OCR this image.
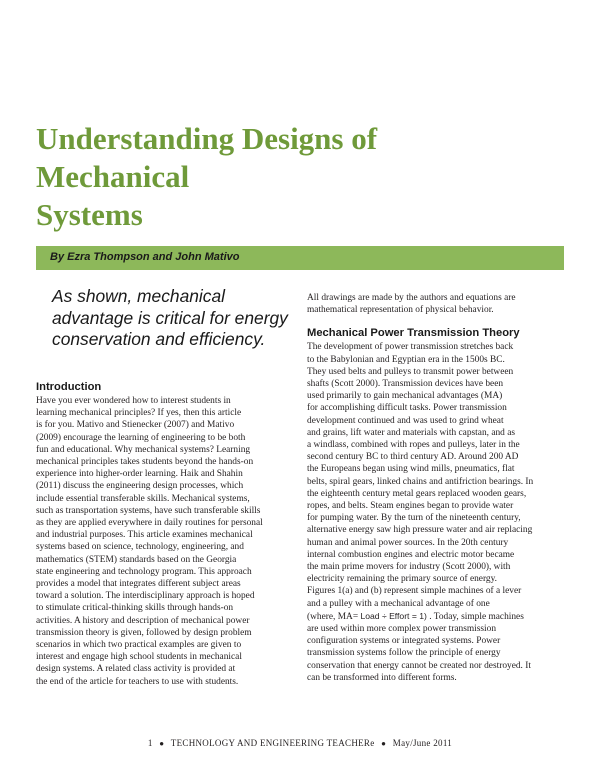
Understanding Designs of Mechanical
Systems
By Ezra Thompson and John Mativo

As shown, mechanical
advantage is critical for energy
conservation and efficiency.

Introduction
Have you ever wondered how to interest students in
learning mechanical principles? If yes, then this article
is for you. Mativo and Stienecker (2007) and Mativo
(2009) encourage the learning of engineering to be both
fun and educational. Why mechanical systems? Learning
mechanical principles takes students beyond the hands-on
experience into higher-order learning. Haik and Shahin
(2011) discuss the engineering design processes, which
include essential transferable skills. Mechanical systems,
such as transportation systems, have such transferable skills
as they are applied everywhere in daily routines for personal
and industrial purposes. This article examines mechanical
systems based on science, technology, engineering, and
mathematics (STEM) standards based on the Georgia
state engineering and technology program. This approach
provides a model that integrates different subject areas
toward a solution. The interdisciplinary approach is hoped
to stimulate critical-thinking skills through hands-on
activities. A history and description of mechanical power
transmission theory is given, followed by design problem
scenarios in which two practical examples are given to
interest and engage high school students in mechanical
design systems. A related class activity is provided at
the end of the article for teachers to use with students.
All drawings are made by the authors and equations are
mathematical representation of physical behavior.
Mechanical Power Transmission Theory
The development of power transmission stretches back
to the Babylonian and Egyptian era in the 1500s BC.
They used belts and pulleys to transmit power between
shafts (Scott 2000). Transmission devices have been
used primarily to gain mechanical advantages (MA)
for accomplishing difficult tasks. Power transmission
development continued and was used to grind wheat
and grains, lift water and materials with capstan, and as
a windlass, combined with ropes and pulleys, later in the
second century BC to third century AD. Around 200 AD
the Europeans began using wind mills, pneumatics, flat
belts, spiral gears, linked chains and antifriction bearings. In
the eighteenth century metal gears replaced wooden gears,
ropes, and belts. Steam engines began to provide water
for pumping water. By the turn of the nineteenth century,
alternative energy saw high pressure water and air replacing
human and animal power sources. In the 20th century
internal combustion engines and electric motor became
the main prime movers for industry (Scott 2000), with
electricity remaining the primary source of energy.
Figures 1(a) and (b) represent simple machines of a lever
and a pulley with a mechanical advantage of one
(where, MA= Load ÷ Effort = 1) . Today, simple machines
are used within more complex power transmission
configuration systems or integrated systems. Power
transmission systems follow the principle of energy
conservation that energy cannot be created nor destroyed. It
can be transformed into different forms.
1 ● TECHNOLOGY AND ENGINEERING TEACHERe ● May/June 2011
